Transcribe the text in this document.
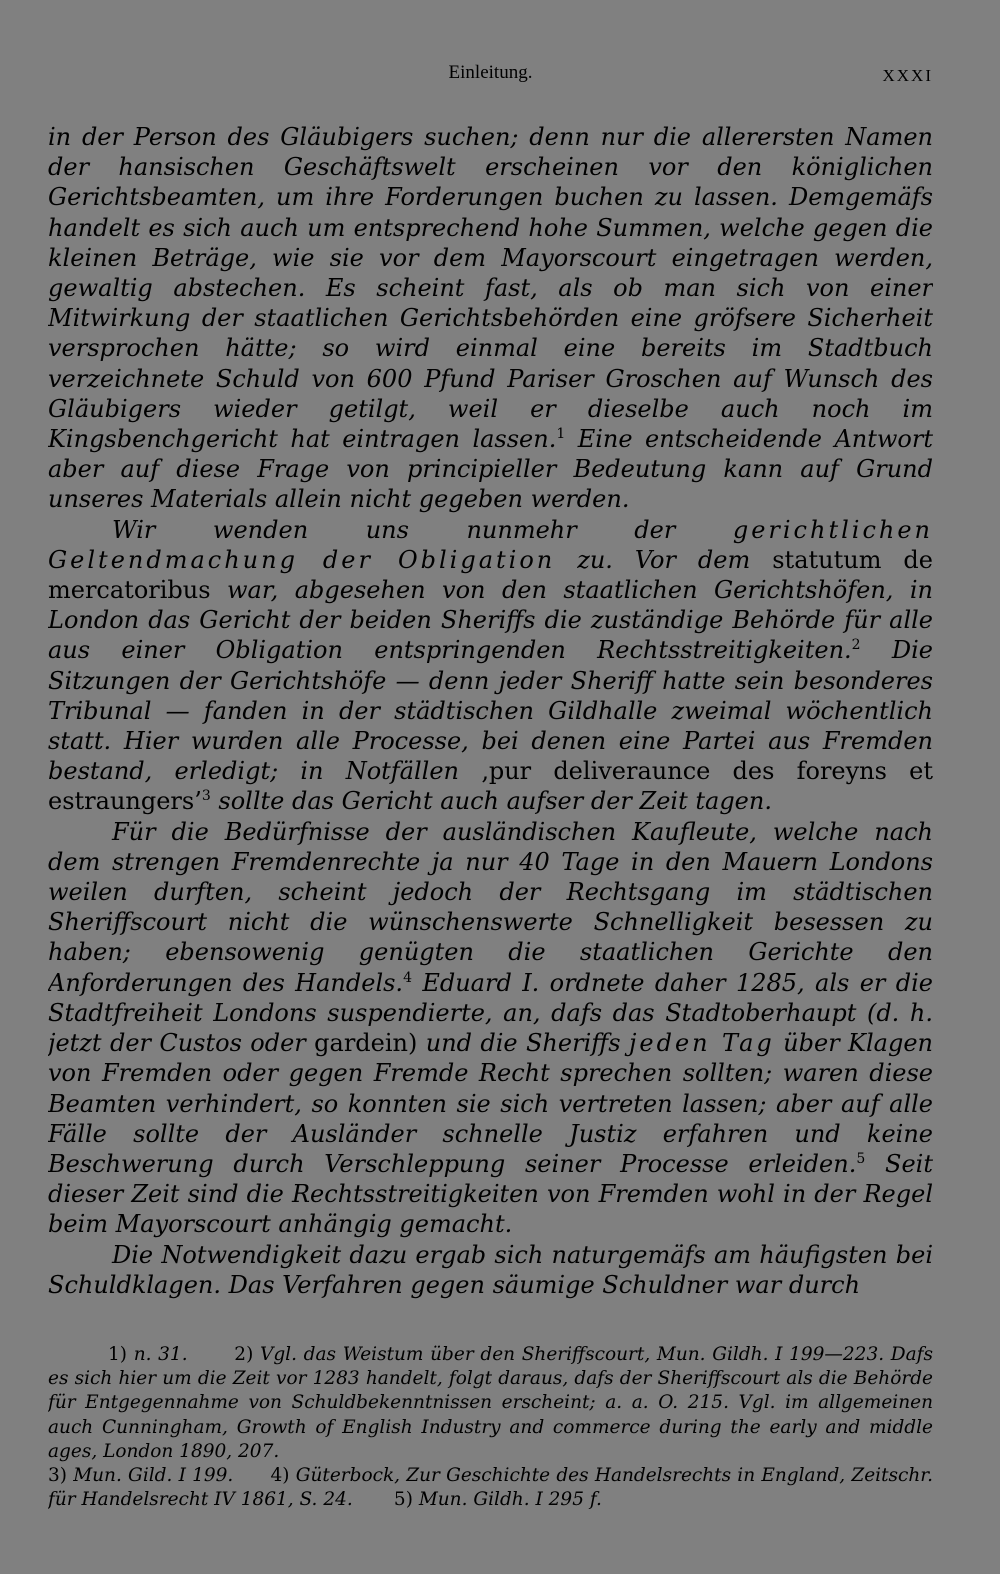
Einleitung.	XXXI

in der Person des Gläubigers suchen; denn nur die allerersten Namen der hansischen Geschäftswelt erscheinen vor den königlichen Gerichtsbeamten, um ihre Forderungen buchen zu lassen. Demgemäfs handelt es sich auch um entsprechend hohe Summen, welche gegen die kleinen Beträge, wie sie vor dem Mayorscourt eingetragen werden, gewaltig abstechen. Es scheint fast, als ob man sich von einer Mitwirkung der staatlichen Gerichtsbehörden eine gröfsere Sicherheit versprochen hätte; so wird einmal eine bereits im Stadtbuch verzeichnete Schuld von 600 Pfund Pariser Groschen auf Wunsch des Gläubigers wieder getilgt, weil er dieselbe auch noch im Kingsbenchgericht hat eintragen lassen.$^1$ Eine entscheidende Antwort aber auf diese Frage von principieller Bedeutung kann auf Grund unseres Materials allein nicht gegeben werden.

Wir wenden uns nunmehr der gerichtlichen Geltendmachung der Obligation zu. Vor dem statutum de mercatoribus war, abgesehen von den staatlichen Gerichtshöfen, in London das Gericht der beiden Sheriffs die zuständige Behörde für alle aus einer Obligation entspringenden Rechtsstreitigkeiten.$^2$ Die Sitzungen der Gerichtshöfe — denn jeder Sheriff hatte sein besonderes Tribunal — fanden in der städtischen Gildhalle zweimal wöchentlich statt. Hier wurden alle Processe, bei denen eine Partei aus Fremden bestand, erledigt; in Notfällen ‚pur deliveraunce des foreyns et estraungers’$^3$ sollte das Gericht auch aufser der Zeit tagen.

Für die Bedürfnisse der ausländischen Kaufleute, welche nach dem strengen Fremdenrechte ja nur 40 Tage in den Mauern Londons weilen durften, scheint jedoch der Rechtsgang im städtischen Sheriffscourt nicht die wünschenswerte Schnelligkeit besessen zu haben; ebensowenig genügten die staatlichen Gerichte den Anforderungen des Handels.$^4$ Eduard I. ordnete daher 1285, als er die Stadtfreiheit Londons suspendierte, an, dafs das Stadtoberhaupt (d. h. jetzt der Custos oder gardein) und die Sheriffs jeden Tag über Klagen von Fremden oder gegen Fremde Recht sprechen sollten; waren diese Beamten verhindert, so konnten sie sich vertreten lassen; aber auf alle Fälle sollte der Ausländer schnelle Justiz erfahren und keine Beschwerung durch Verschleppung seiner Processe erleiden.$^5$ Seit dieser Zeit sind die Rechtsstreitigkeiten von Fremden wohl in der Regel beim Mayorscourt anhängig gemacht.

Die Notwendigkeit dazu ergab sich naturgemäfs am häufigsten bei Schuldklagen. Das Verfahren gegen säumige Schuldner war durch

1) n. 31.	2) Vgl. das Weistum über den Sheriffscourt, Mun. Gildh. I 199—223. Dafs es sich hier um die Zeit vor 1283 handelt, folgt daraus, dafs der Sheriffscourt als die Behörde für Entgegennahme von Schuldbekenntnissen erscheint; a. a. O. 215. Vgl. im allgemeinen auch Cunningham, Growth of English Industry and commerce during the early and middle ages, London 1890, 207.

3) Mun. Gild. I 199. 4) Güterbock, Zur Geschichte des Handelsrechts in England, Zeitschr. für Handelsrecht IV 1861, S. 24. 5) Mun. Gildh. I 295 f.
